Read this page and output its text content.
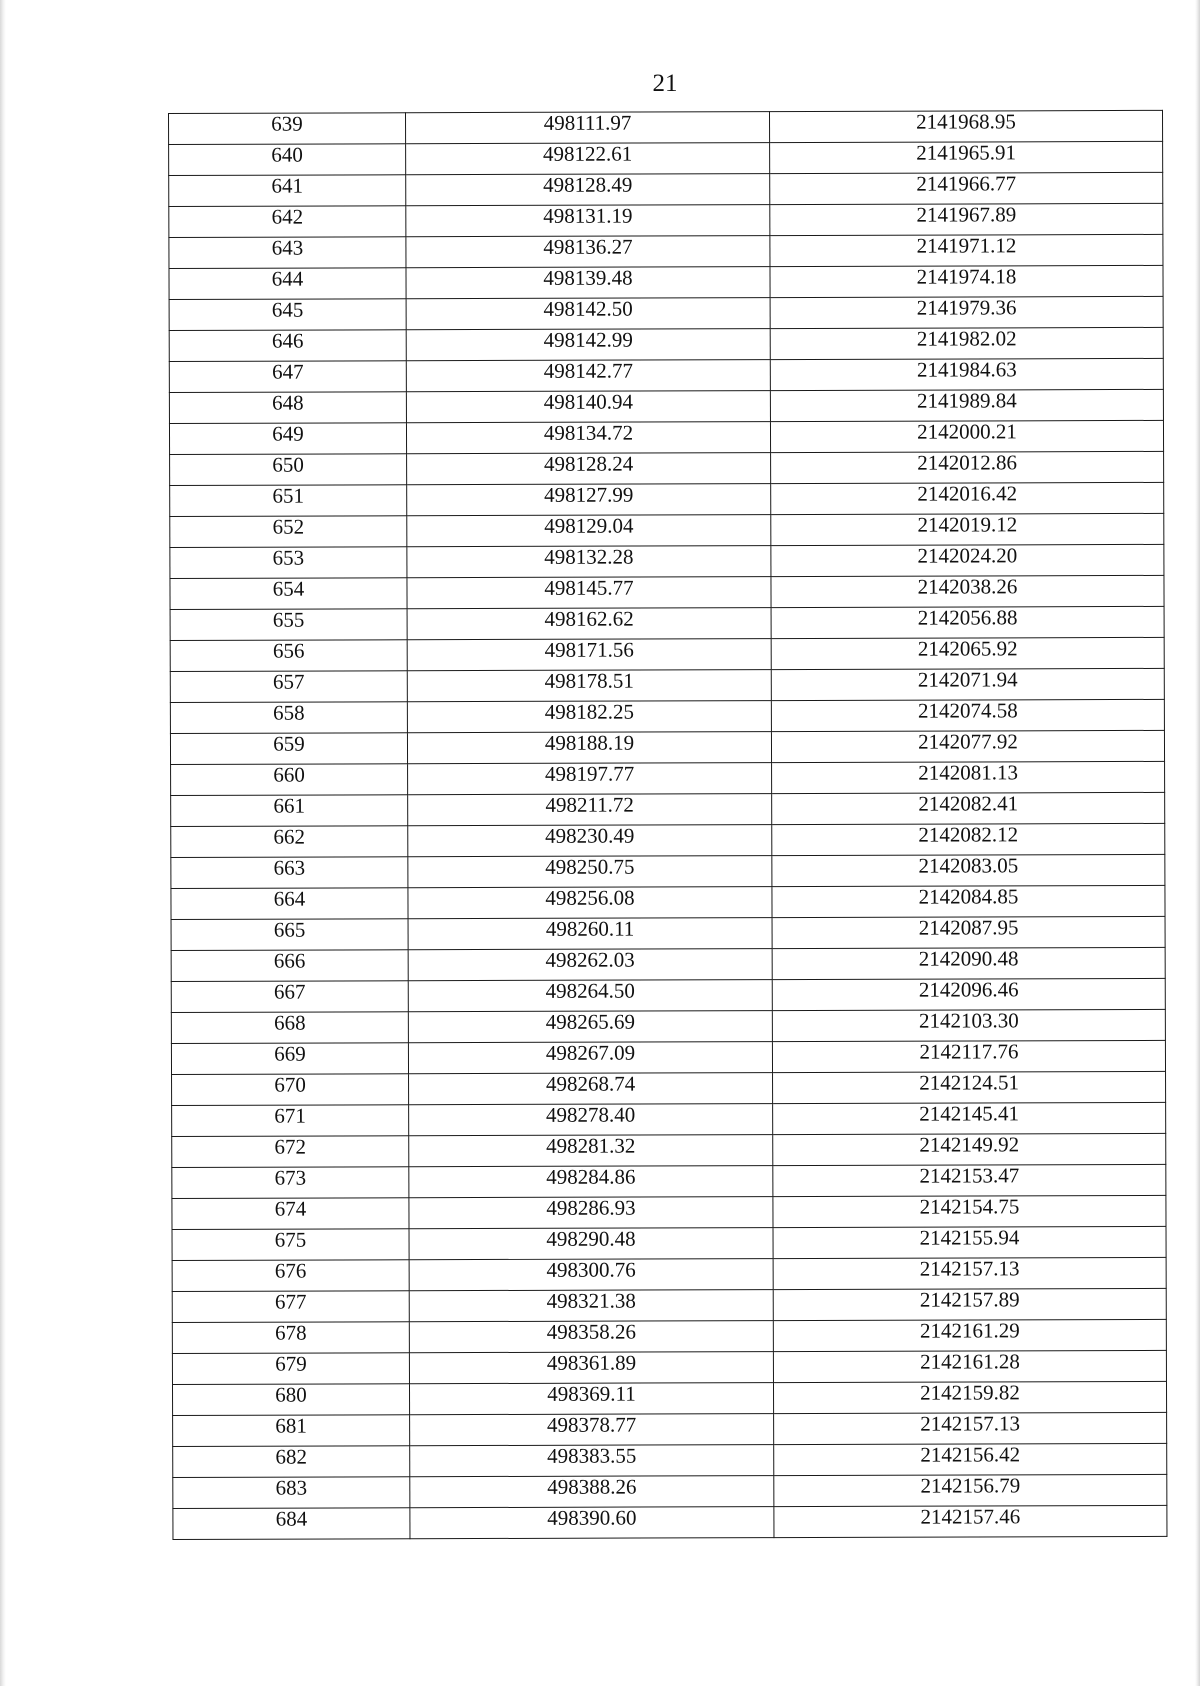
21
639	498111.97	2141968.95
640	498122.61	2141965.91
641	498128.49	2141966.77
642	498131.19	2141967.89
643	498136.27	2141971.12
644	498139.48	2141974.18
645	498142.50	2141979.36
646	498142.99	2141982.02
647	498142.77	2141984.63
648	498140.94	2141989.84
649	498134.72	2142000.21
650	498128.24	2142012.86
651	498127.99	2142016.42
652	498129.04	2142019.12
653	498132.28	2142024.20
654	498145.77	2142038.26
655	498162.62	2142056.88
656	498171.56	2142065.92
657	498178.51	2142071.94
658	498182.25	2142074.58
659	498188.19	2142077.92
660	498197.77	2142081.13
661	498211.72	2142082.41
662	498230.49	2142082.12
663	498250.75	2142083.05
664	498256.08	2142084.85
665	498260.11	2142087.95
666	498262.03	2142090.48
667	498264.50	2142096.46
668	498265.69	2142103.30
669	498267.09	2142117.76
670	498268.74	2142124.51
671	498278.40	2142145.41
672	498281.32	2142149.92
673	498284.86	2142153.47
674	498286.93	2142154.75
675	498290.48	2142155.94
676	498300.76	2142157.13
677	498321.38	2142157.89
678	498358.26	2142161.29
679	498361.89	2142161.28
680	498369.11	2142159.82
681	498378.77	2142157.13
682	498383.55	2142156.42
683	498388.26	2142156.79
684	498390.60	2142157.46
